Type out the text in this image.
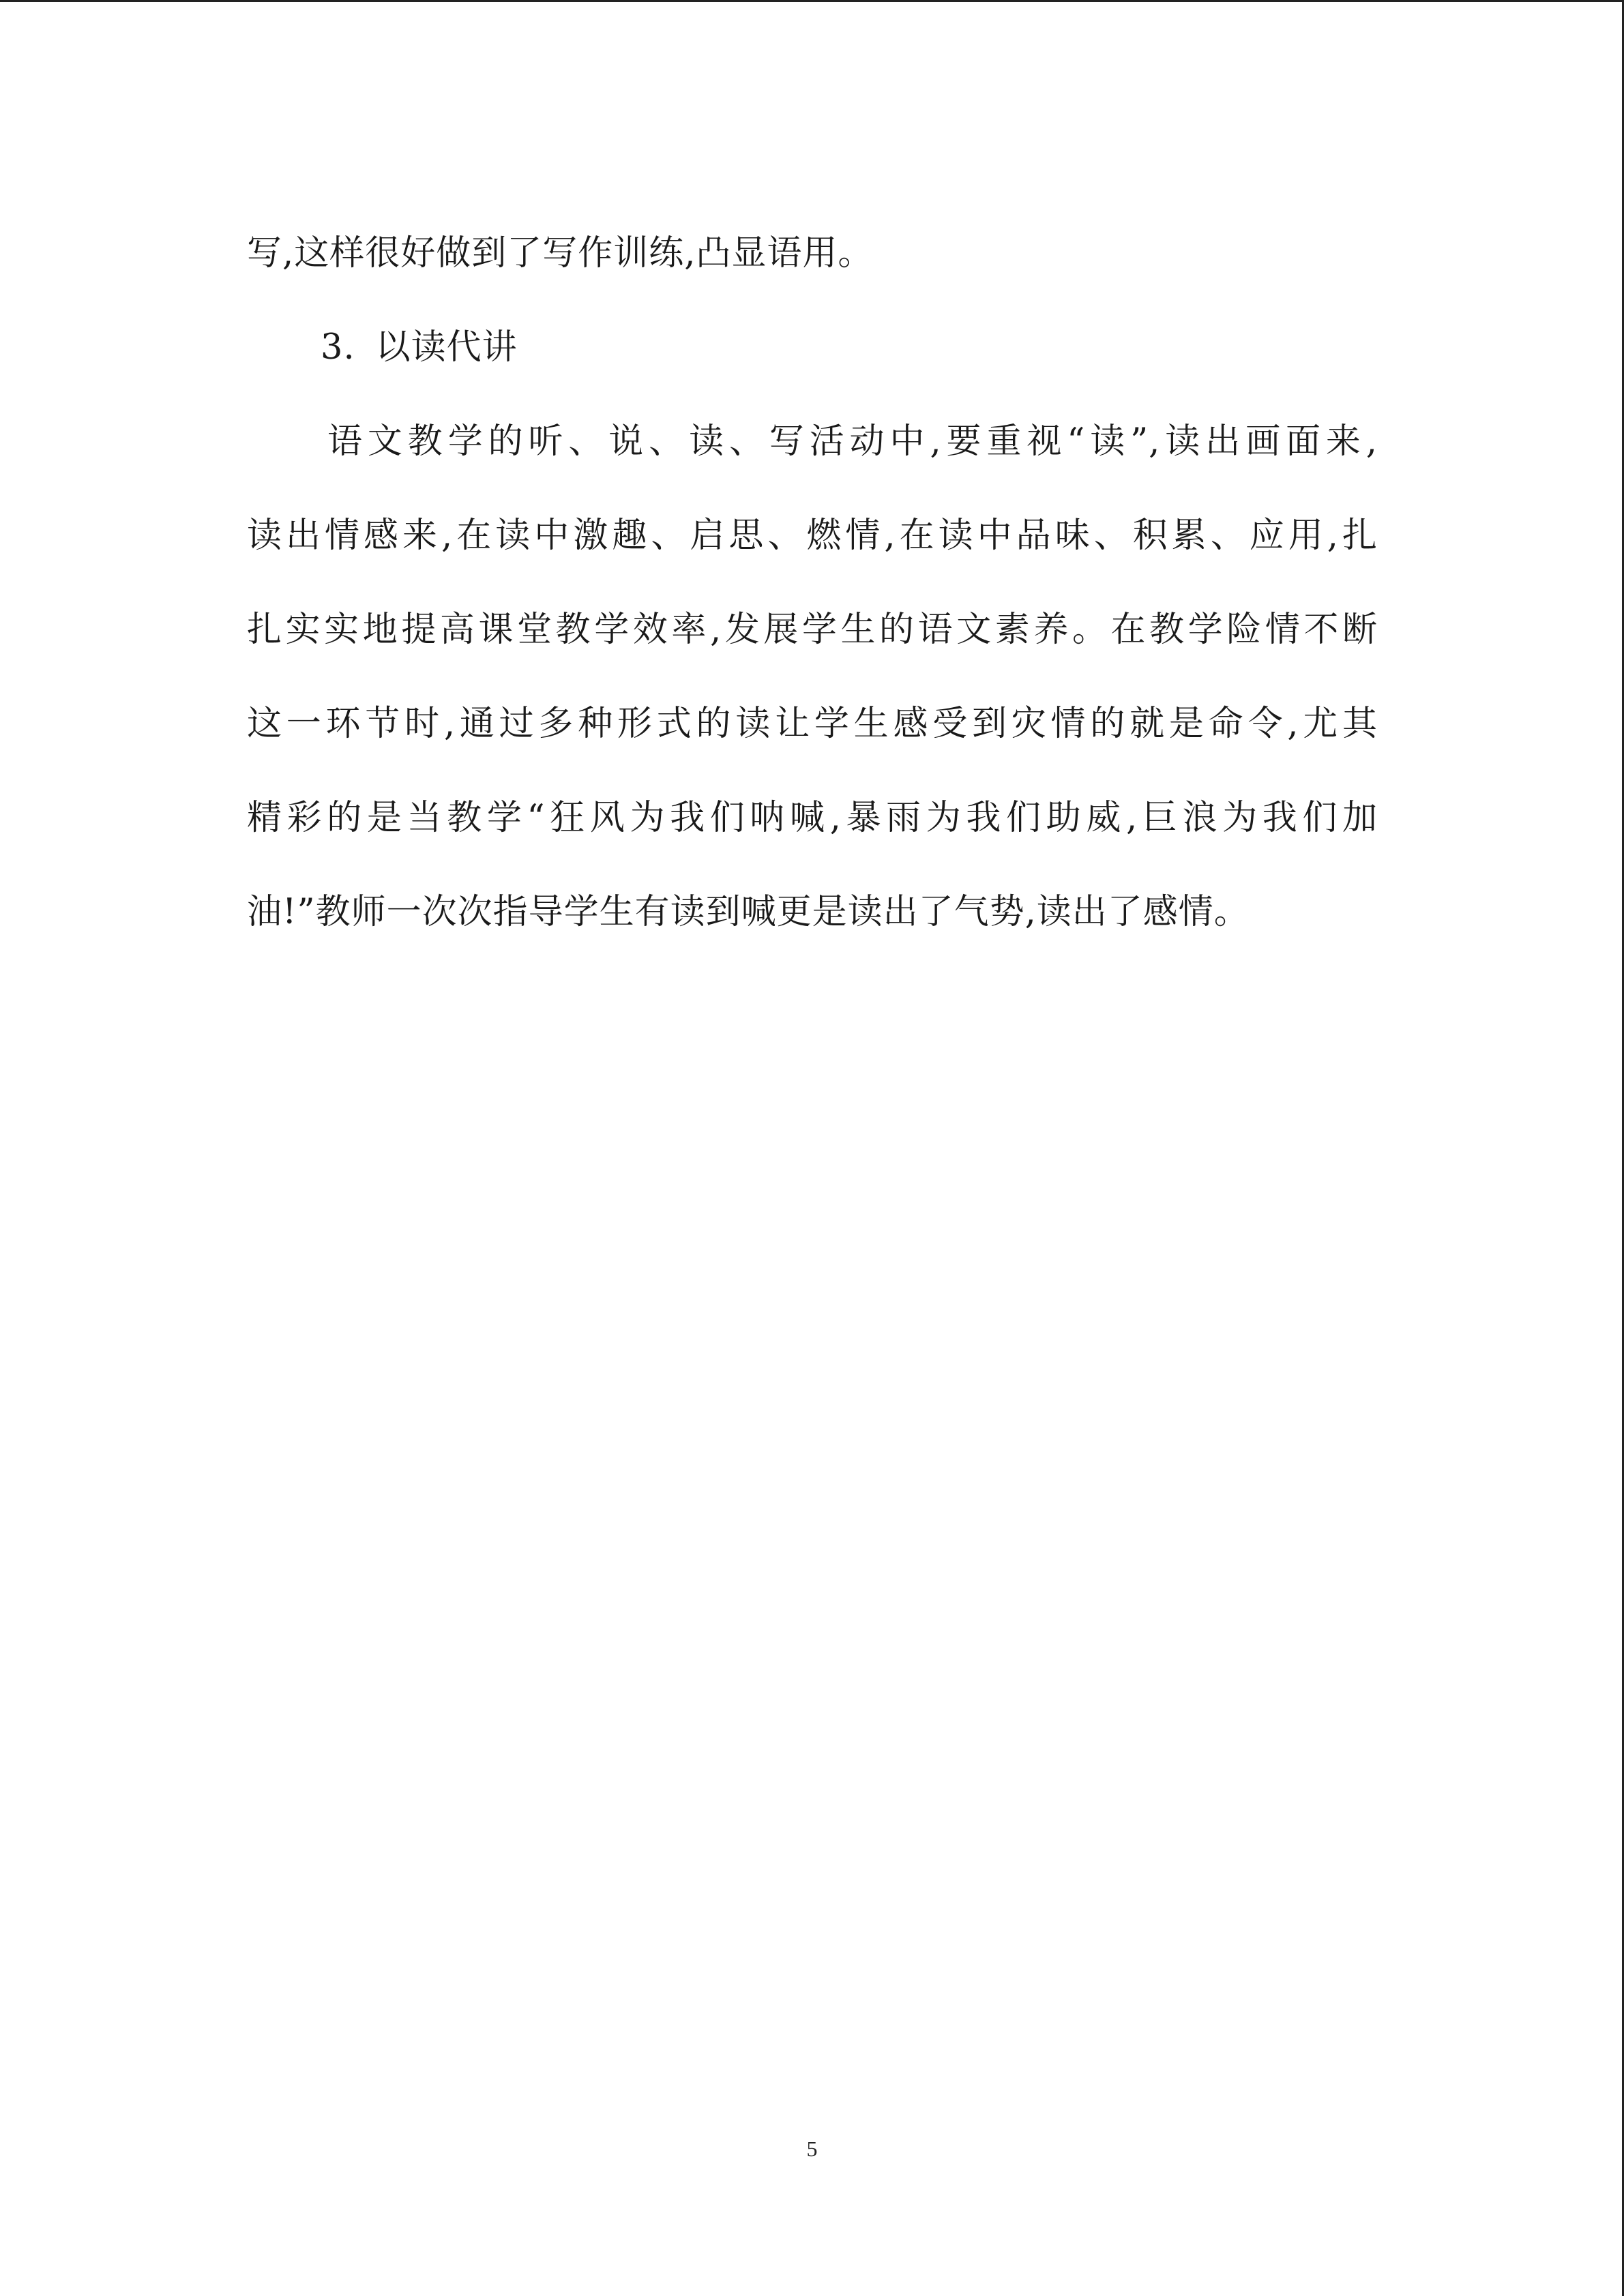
写,这样很好做到了写作训练,凸显语用。
3. 以读代讲
语文教学的听、说、读、写活动中,要重视“读”,读出画面来,
读出情感来,在读中激趣、启思、燃情,在读中品味、积累、应用,扎
扎实实地提高课堂教学效率,发展学生的语文素养。在教学险情不断
这一环节时,通过多种形式的读让学生感受到灾情的就是命令,尤其
精彩的是当教学“狂风为我们呐喊,暴雨为我们助威,巨浪为我们加
油!”教师一次次指导学生有读到喊更是读出了气势,读出了感情。
5
